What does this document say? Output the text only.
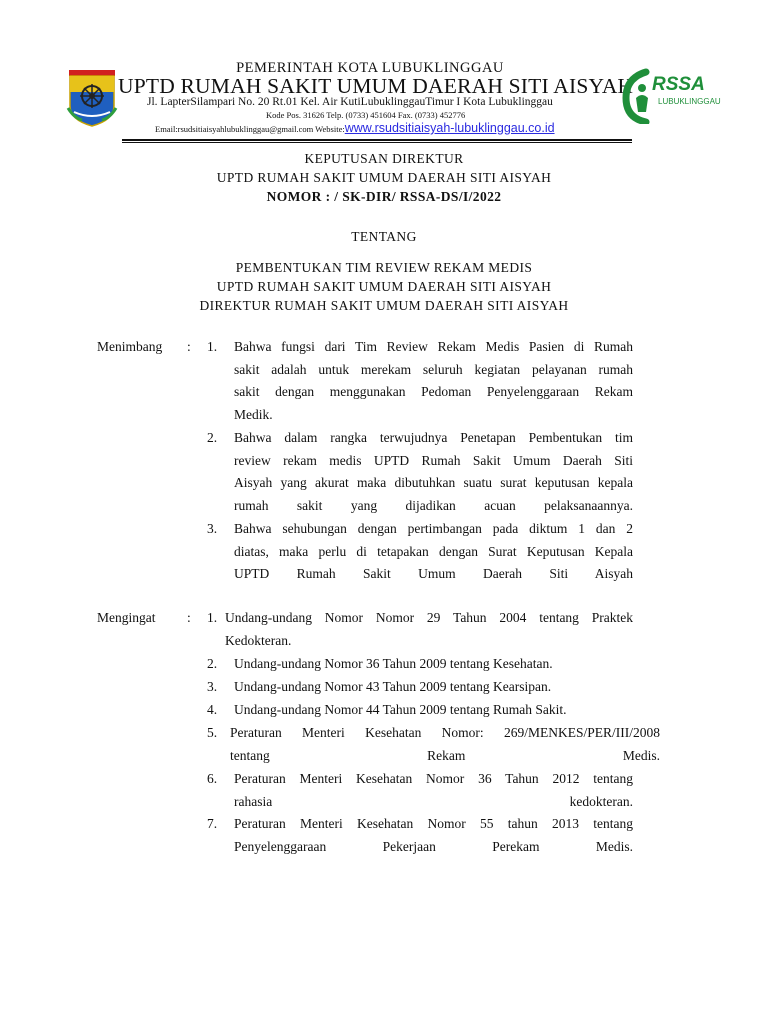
PEMERINTAH KOTA LUBUKLINGGAU
UPTD RUMAH SAKIT UMUM DAERAH SITI AISYAH
Jl. LapterSilampari No. 20 Rt.01 Kel. Air KutiLubuklinggauTimur I Kota Lubuklinggau
Kode Pos. 31626 Telp. (0733) 451604 Fax. (0733) 452776
Email:rsudsitiaisyahlubuklinggau@gmail.com Website:www.rsudsitiaisyah-lubuklinggau.co.id
RSSA
LUBUKLINGGAU
KEPUTUSAN DIREKTUR
UPTD RUMAH SAKIT UMUM DAERAH SITI AISYAH
NOMOR : / SK-DIR/ RSSA-DS/I/2022
TENTANG
PEMBENTUKAN TIM REVIEW REKAM MEDIS
UPTD RUMAH SAKIT UMUM DAERAH SITI AISYAH
DIREKTUR RUMAH SAKIT UMUM DAERAH SITI AISYAH
Menimbang : 1. Bahwa fungsi dari Tim Review Rekam Medis Pasien di Rumah
sakit adalah untuk merekam seluruh kegiatan pelayanan rumah
sakit dengan menggunakan Pedoman Penyelenggaraan Rekam
Medik.
2. Bahwa dalam rangka terwujudnya Penetapan Pembentukan tim
review rekam medis UPTD Rumah Sakit Umum Daerah Siti
Aisyah yang akurat maka dibutuhkan suatu surat keputusan kepala
rumah sakit yang dijadikan acuan pelaksanaannya.
3. Bahwa sehubungan dengan pertimbangan pada diktum 1 dan 2
diatas, maka perlu di tetapakan dengan Surat Keputusan Kepala
UPTD Rumah Sakit Umum Daerah Siti Aisyah
Mengingat : 1. Undang-undang Nomor Nomor 29 Tahun 2004 tentang Praktek
Kedokteran.
2. Undang-undang Nomor 36 Tahun 2009 tentang Kesehatan.
3. Undang-undang Nomor 43 Tahun 2009 tentang Kearsipan.
4. Undang-undang Nomor 44 Tahun 2009 tentang Rumah Sakit.
5. Peraturan Menteri Kesehatan Nomor: 269/MENKES/PER/III/2008
tentang Rekam Medis.
6. Peraturan Menteri Kesehatan Nomor 36 Tahun 2012 tentang
rahasia kedokteran.
7. Peraturan Menteri Kesehatan Nomor 55 tahun 2013 tentang
Penyelenggaraan Pekerjaan Perekam Medis.
